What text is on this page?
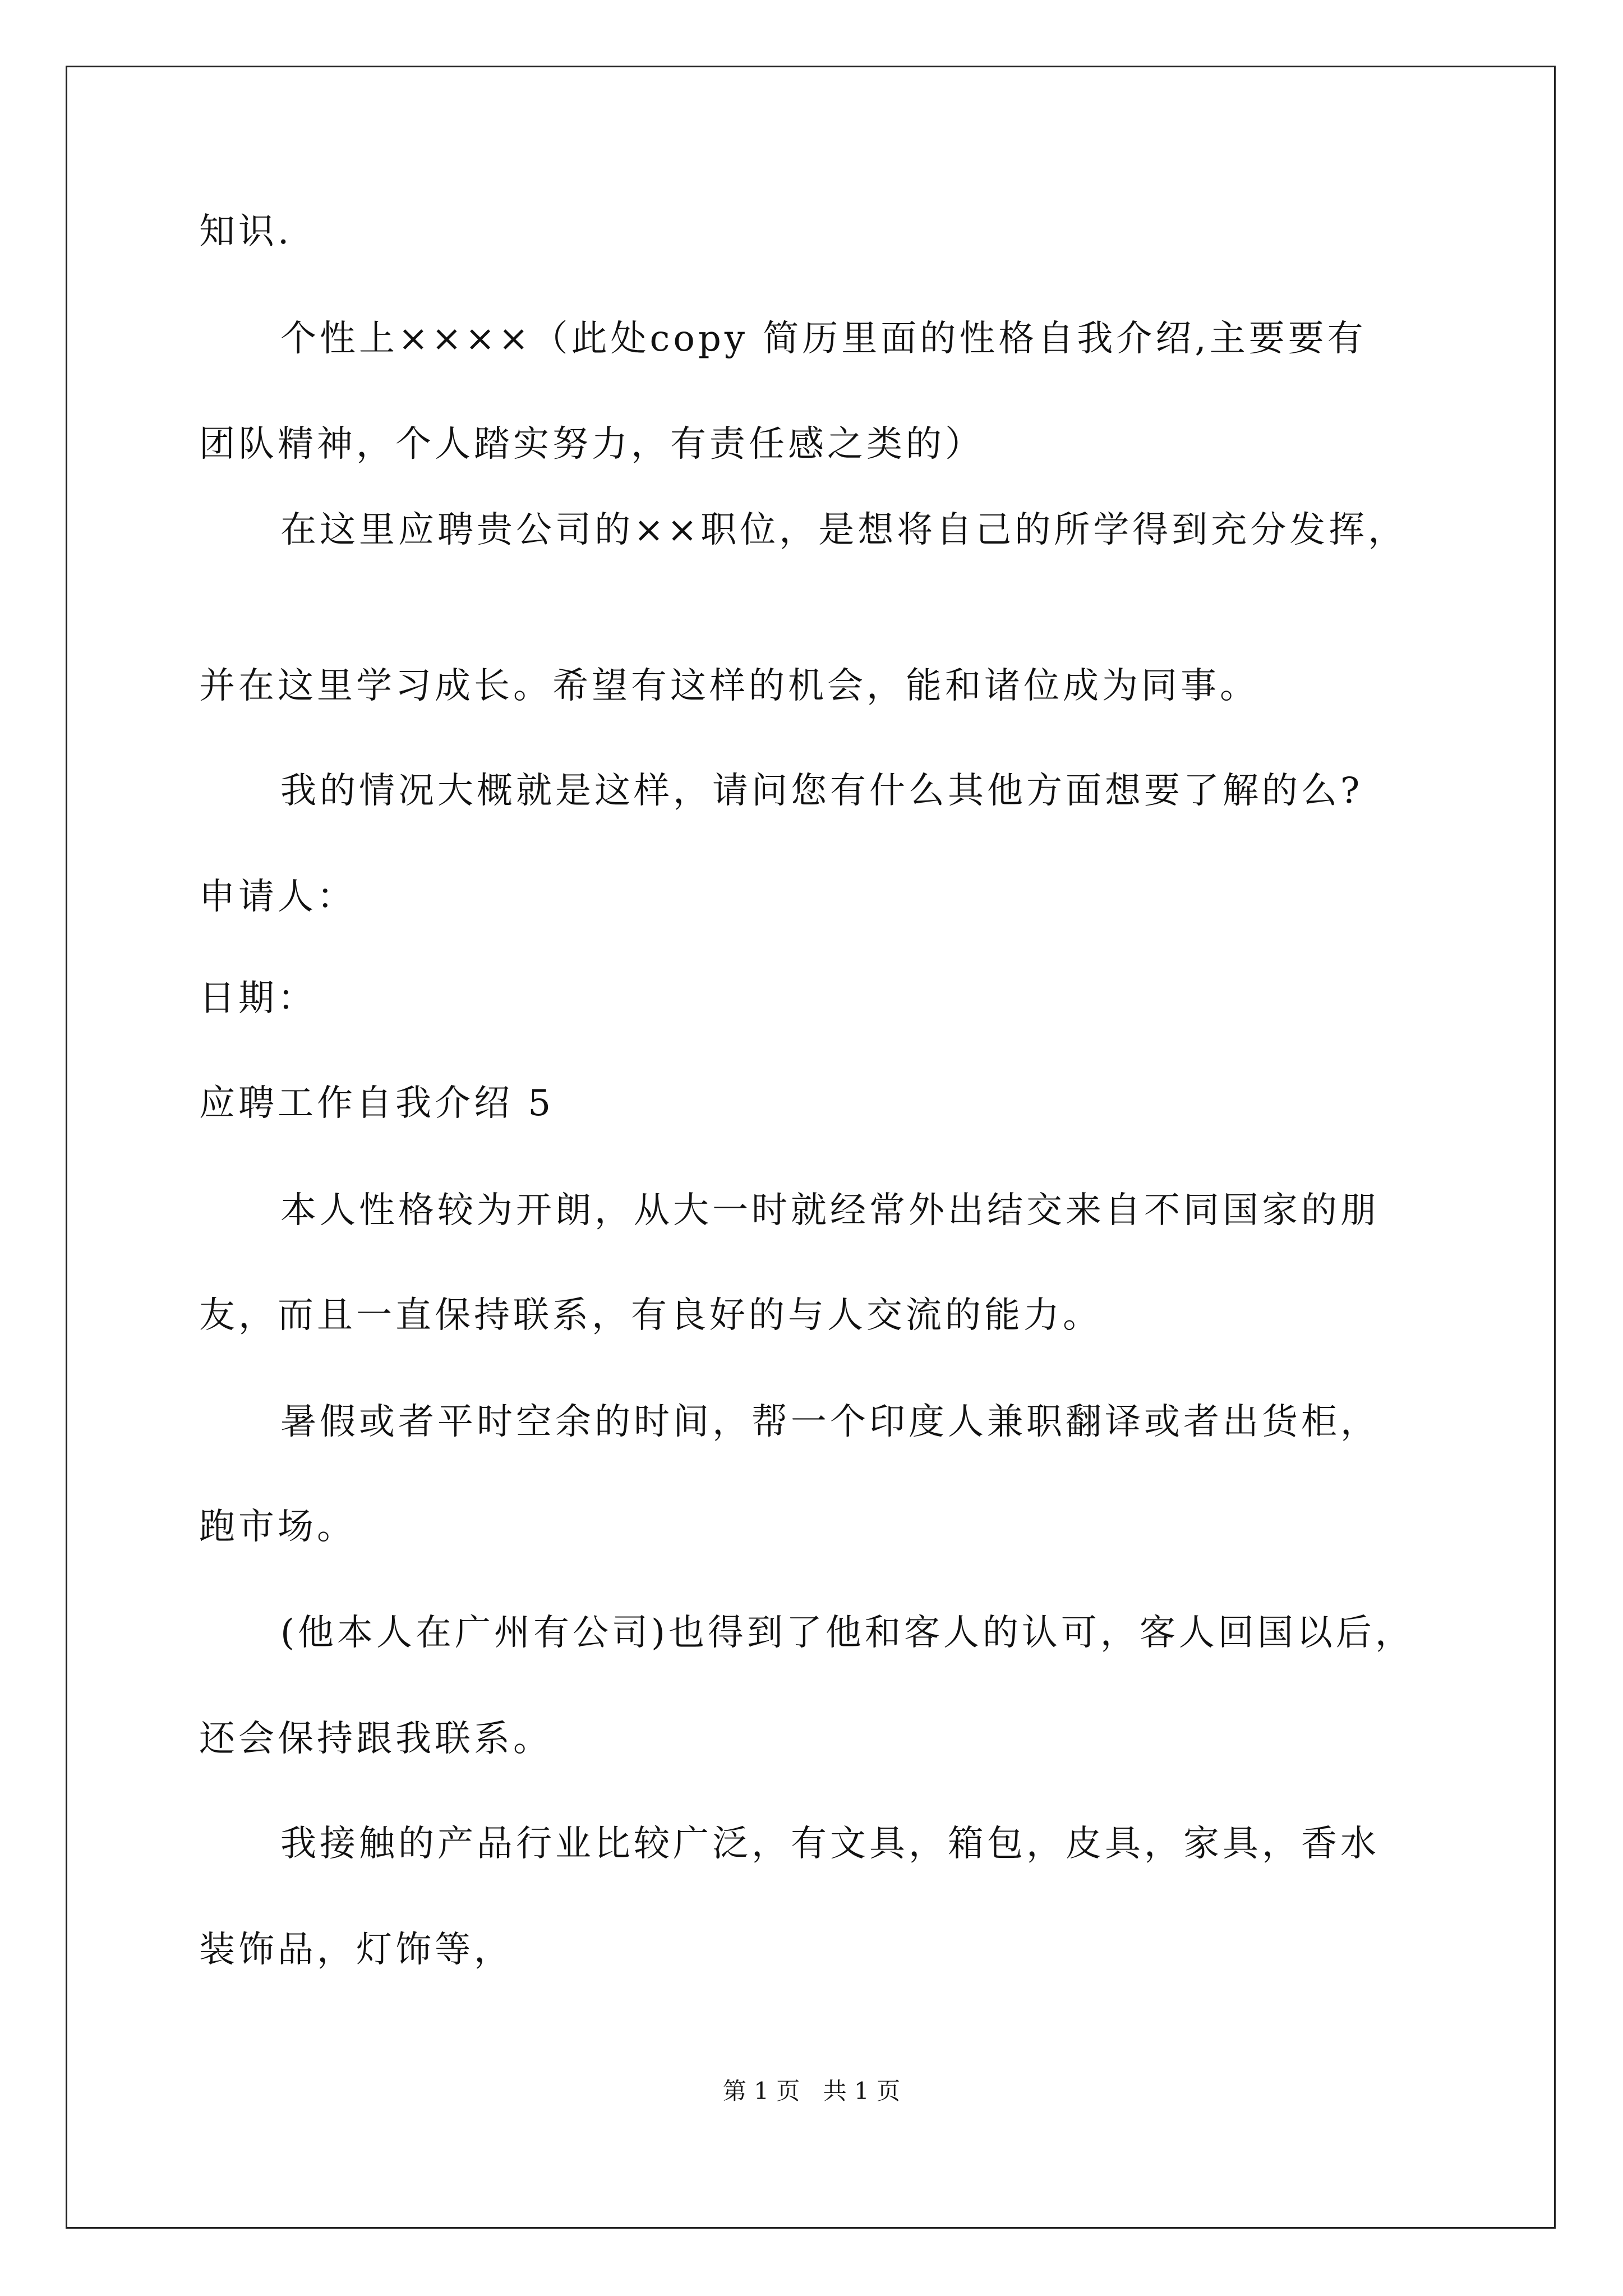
知识.
个性上××××（此处copy 简历里面的性格自我介绍,主要要有
团队精神，个人踏实努力，有责任感之类的）
在这里应聘贵公司的××职位，是想将自己的所学得到充分发挥，
并在这里学习成长。希望有这样的机会，能和诸位成为同事。
我的情况大概就是这样，请问您有什么其他方面想要了解的么?
申请人：
日期：
应聘工作自我介绍 5
本人性格较为开朗，从大一时就经常外出结交来自不同国家的朋
友，而且一直保持联系，有良好的与人交流的能力。
暑假或者平时空余的时间，帮一个印度人兼职翻译或者出货柜，
跑市场。
(他本人在广州有公司)也得到了他和客人的认可，客人回国以后，
还会保持跟我联系。
我接触的产品行业比较广泛，有文具，箱包，皮具，家具，香水
装饰品，灯饰等，
第 1 页 共 1 页
